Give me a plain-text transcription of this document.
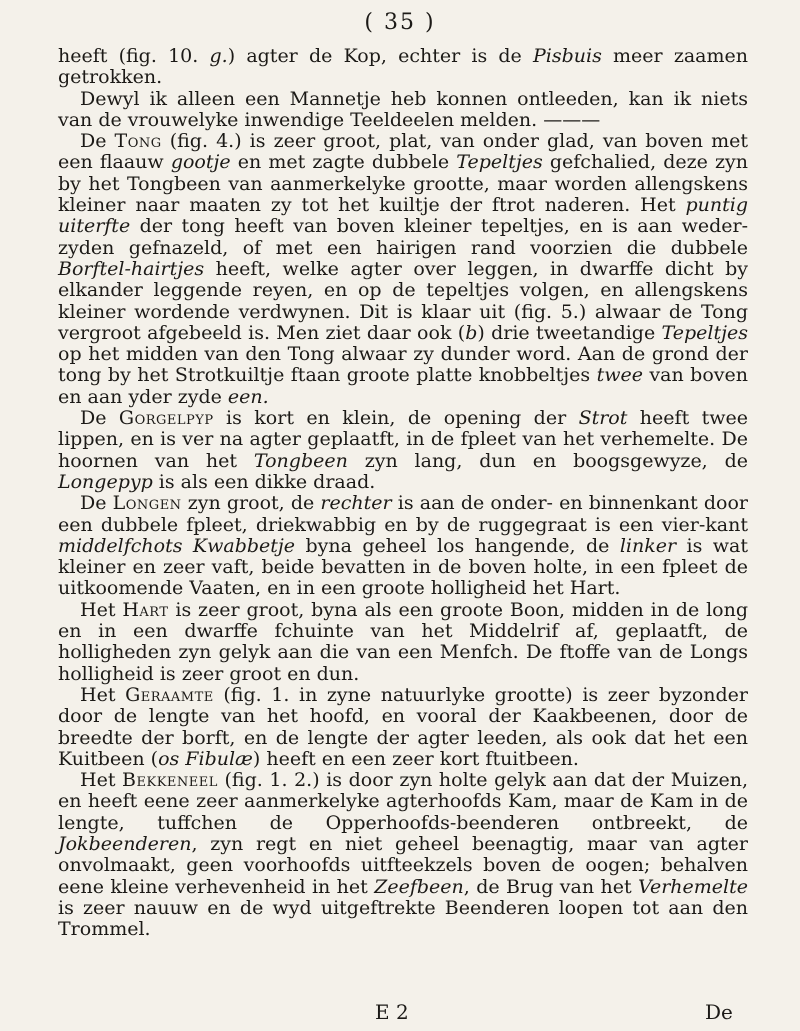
( 35 )

heeft (fig. 10. g.) agter de Kop, echter is de Pisbuis meer zaamen getrokken.

Dewyl ik alleen een Mannetje heb konnen ontleeden, kan ik niets van de vrouwelyke inwendige Teeldeelen melden. ———

De Tong (fig. 4.) is zeer groot, plat, van onder glad, van boven met een flaauw gootje en met zagte dubbele Tepeltjes gefchalied, deze zyn by het Tongbeen van aanmerkelyke grootte, maar worden allengskens kleiner naar maaten zy tot het kuiltje der ftrot naderen. Het puntig uiterfte der tong heeft van boven kleiner tepeltjes, en is aan weder-zyden gefnazeld, of met een hairigen rand voorzien die dubbele Borftel-hairtjes heeft, welke agter over leggen, in dwarffe dicht by elkander leggende reyen, en op de tepeltjes volgen, en allengskens kleiner wordende verdwynen. Dit is klaar uit (fig. 5.) alwaar de Tong vergroot afgebeeld is. Men ziet daar ook (b) drie tweetandige Tepeltjes op het midden van den Tong alwaar zy dunder word. Aan de grond der tong by het Strotkuiltje ftaan groote platte knobbeltjes twee van boven en aan yder zyde een.

De Gorgelpyp is kort en klein, de opening der Strot heeft twee lippen, en is ver na agter geplaatft, in de fpleet van het verhemelte. De hoornen van het Tongbeen zyn lang, dun en boogsgewyze, de Longepyp is als een dikke draad.

De Longen zyn groot, de rechter is aan de onder- en binnenkant door een dubbele fpleet, driekwabbig en by de ruggegraat is een vier-kant middelfchots Kwabbetje byna geheel los hangende, de linker is wat kleiner en zeer vaft, beide bevatten in de boven holte, in een fpleet de uitkoomende Vaaten, en in een groote holligheid het Hart.

Het Hart is zeer groot, byna als een groote Boon, midden in de long en in een dwarffe fchuinte van het Middelrif af, geplaatft, de holligheden zyn gelyk aan die van een Menfch. De ftoffe van de Longs holligheid is zeer groot en dun.

Het Geraamte (fig. 1. in zyne natuurlyke grootte) is zeer byzonder door de lengte van het hoofd, en vooral der Kaakbeenen, door de breedte der borft, en de lengte der agter leeden, als ook dat het een Kuitbeen (os Fibulæ) heeft en een zeer kort ftuitbeen.

Het Bekkeneel (fig. 1. 2.) is door zyn holte gelyk aan dat der Muizen, en heeft eene zeer aanmerkelyke agterhoofds Kam, maar de Kam in de lengte, tuffchen de Opperhoofds-beenderen ontbreekt, de Jokbeenderen, zyn regt en niet geheel beenagtig, maar van agter onvolmaakt, geen voorhoofds uitfteekzels boven de oogen; behalven eene kleine verhevenheid in het Zeefbeen, de Brug van het Verhemelte is zeer nauuw en de wyd uitgeftrekte Beenderen loopen tot aan den Trommel.

E 2	De
